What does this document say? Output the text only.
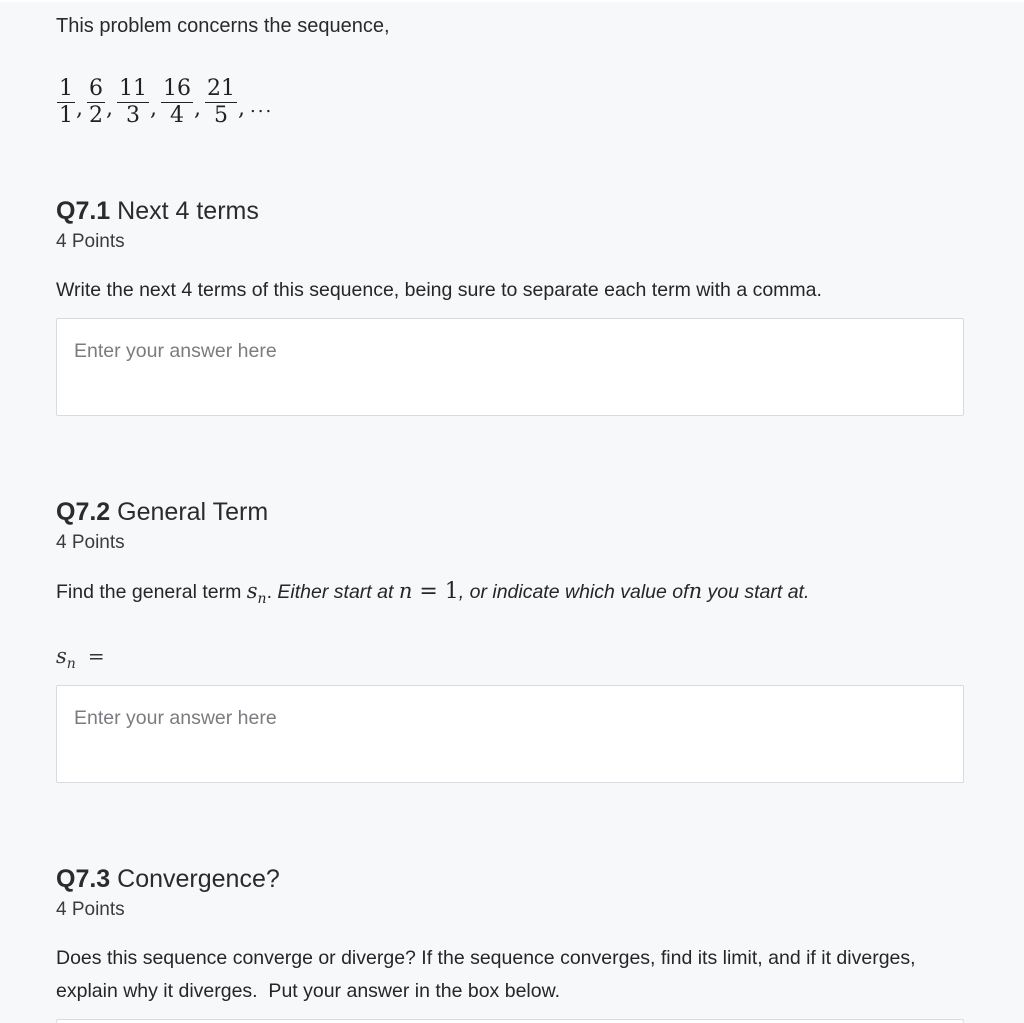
This problem concerns the sequence,
$\frac{1}{1}$ , $\frac{6}{2}$ , $\frac{11}{3}$ , $\frac{16}{4}$ , $\frac{21}{5}$ , ...
Q7.1 Next 4 terms
4 Points
Write the next 4 terms of this sequence, being sure to separate each term with a comma.
Enter your answer here
Q7.2 General Term
4 Points
Find the general term $s_n$. Either start at n = 1, or indicate which value ofn you start at.
$s_n$ =
Enter your answer here
Q7.3 Convergence?
4 Points
Does this sequence converge or diverge? If the sequence converges, find its limit, and if it diverges, explain why it diverges.  Put your answer in the box below.
